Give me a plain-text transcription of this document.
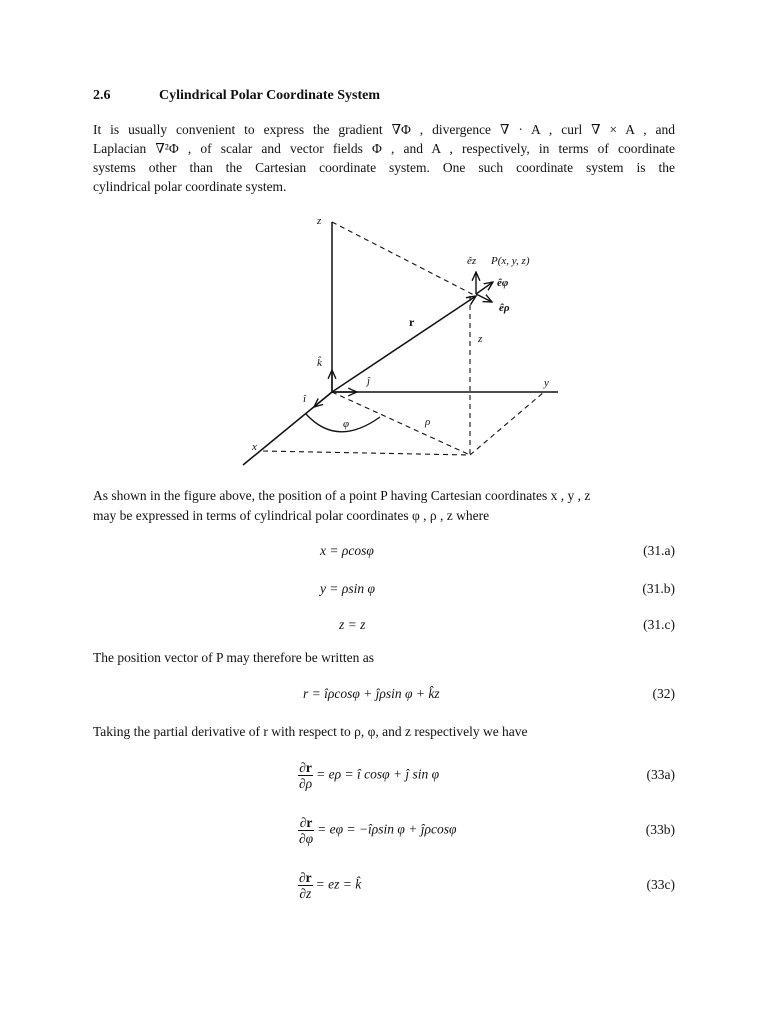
2.6	Cylindrical Polar Coordinate System
It is usually convenient to express the gradient ∇Φ , divergence ∇ · A , curl ∇ × A , and
Laplacian ∇²Φ , of scalar and vector fields Φ , and A , respectively, in terms of coordinate
systems other than the Cartesian coordinate system. One such coordinate system is the
cylindrical polar coordinate system.
z
y
x
k̂
î
ĵ
êz P(x, y, z)
êφ
êρ
z
φ	ρ
r
As shown in the figure above, the position of a point P having Cartesian coordinates x , y , z
may be expressed in terms of cylindrical polar coordinates φ , ρ , z where
x = ρcosφ	(31.a)
y = ρsin φ	(31.b)
z = z	(31.c)
The position vector of P may therefore be written as
r = îρcosφ + ĵρsin φ + k̂z	(32)
Taking the partial derivative of r with respect to ρ, φ, and z respectively we have
$\frac{\partial r}{\partial\rho} = e\rho$ = î cosφ + ĵ sin φ	(33a)
$\frac{\partial r}{\partial\varphi} = e\varphi$ = −îρsin φ + ĵρcosφ	(33b)
$\frac{\partial r}{\partial z}$ = ez = k̂	(33c)
